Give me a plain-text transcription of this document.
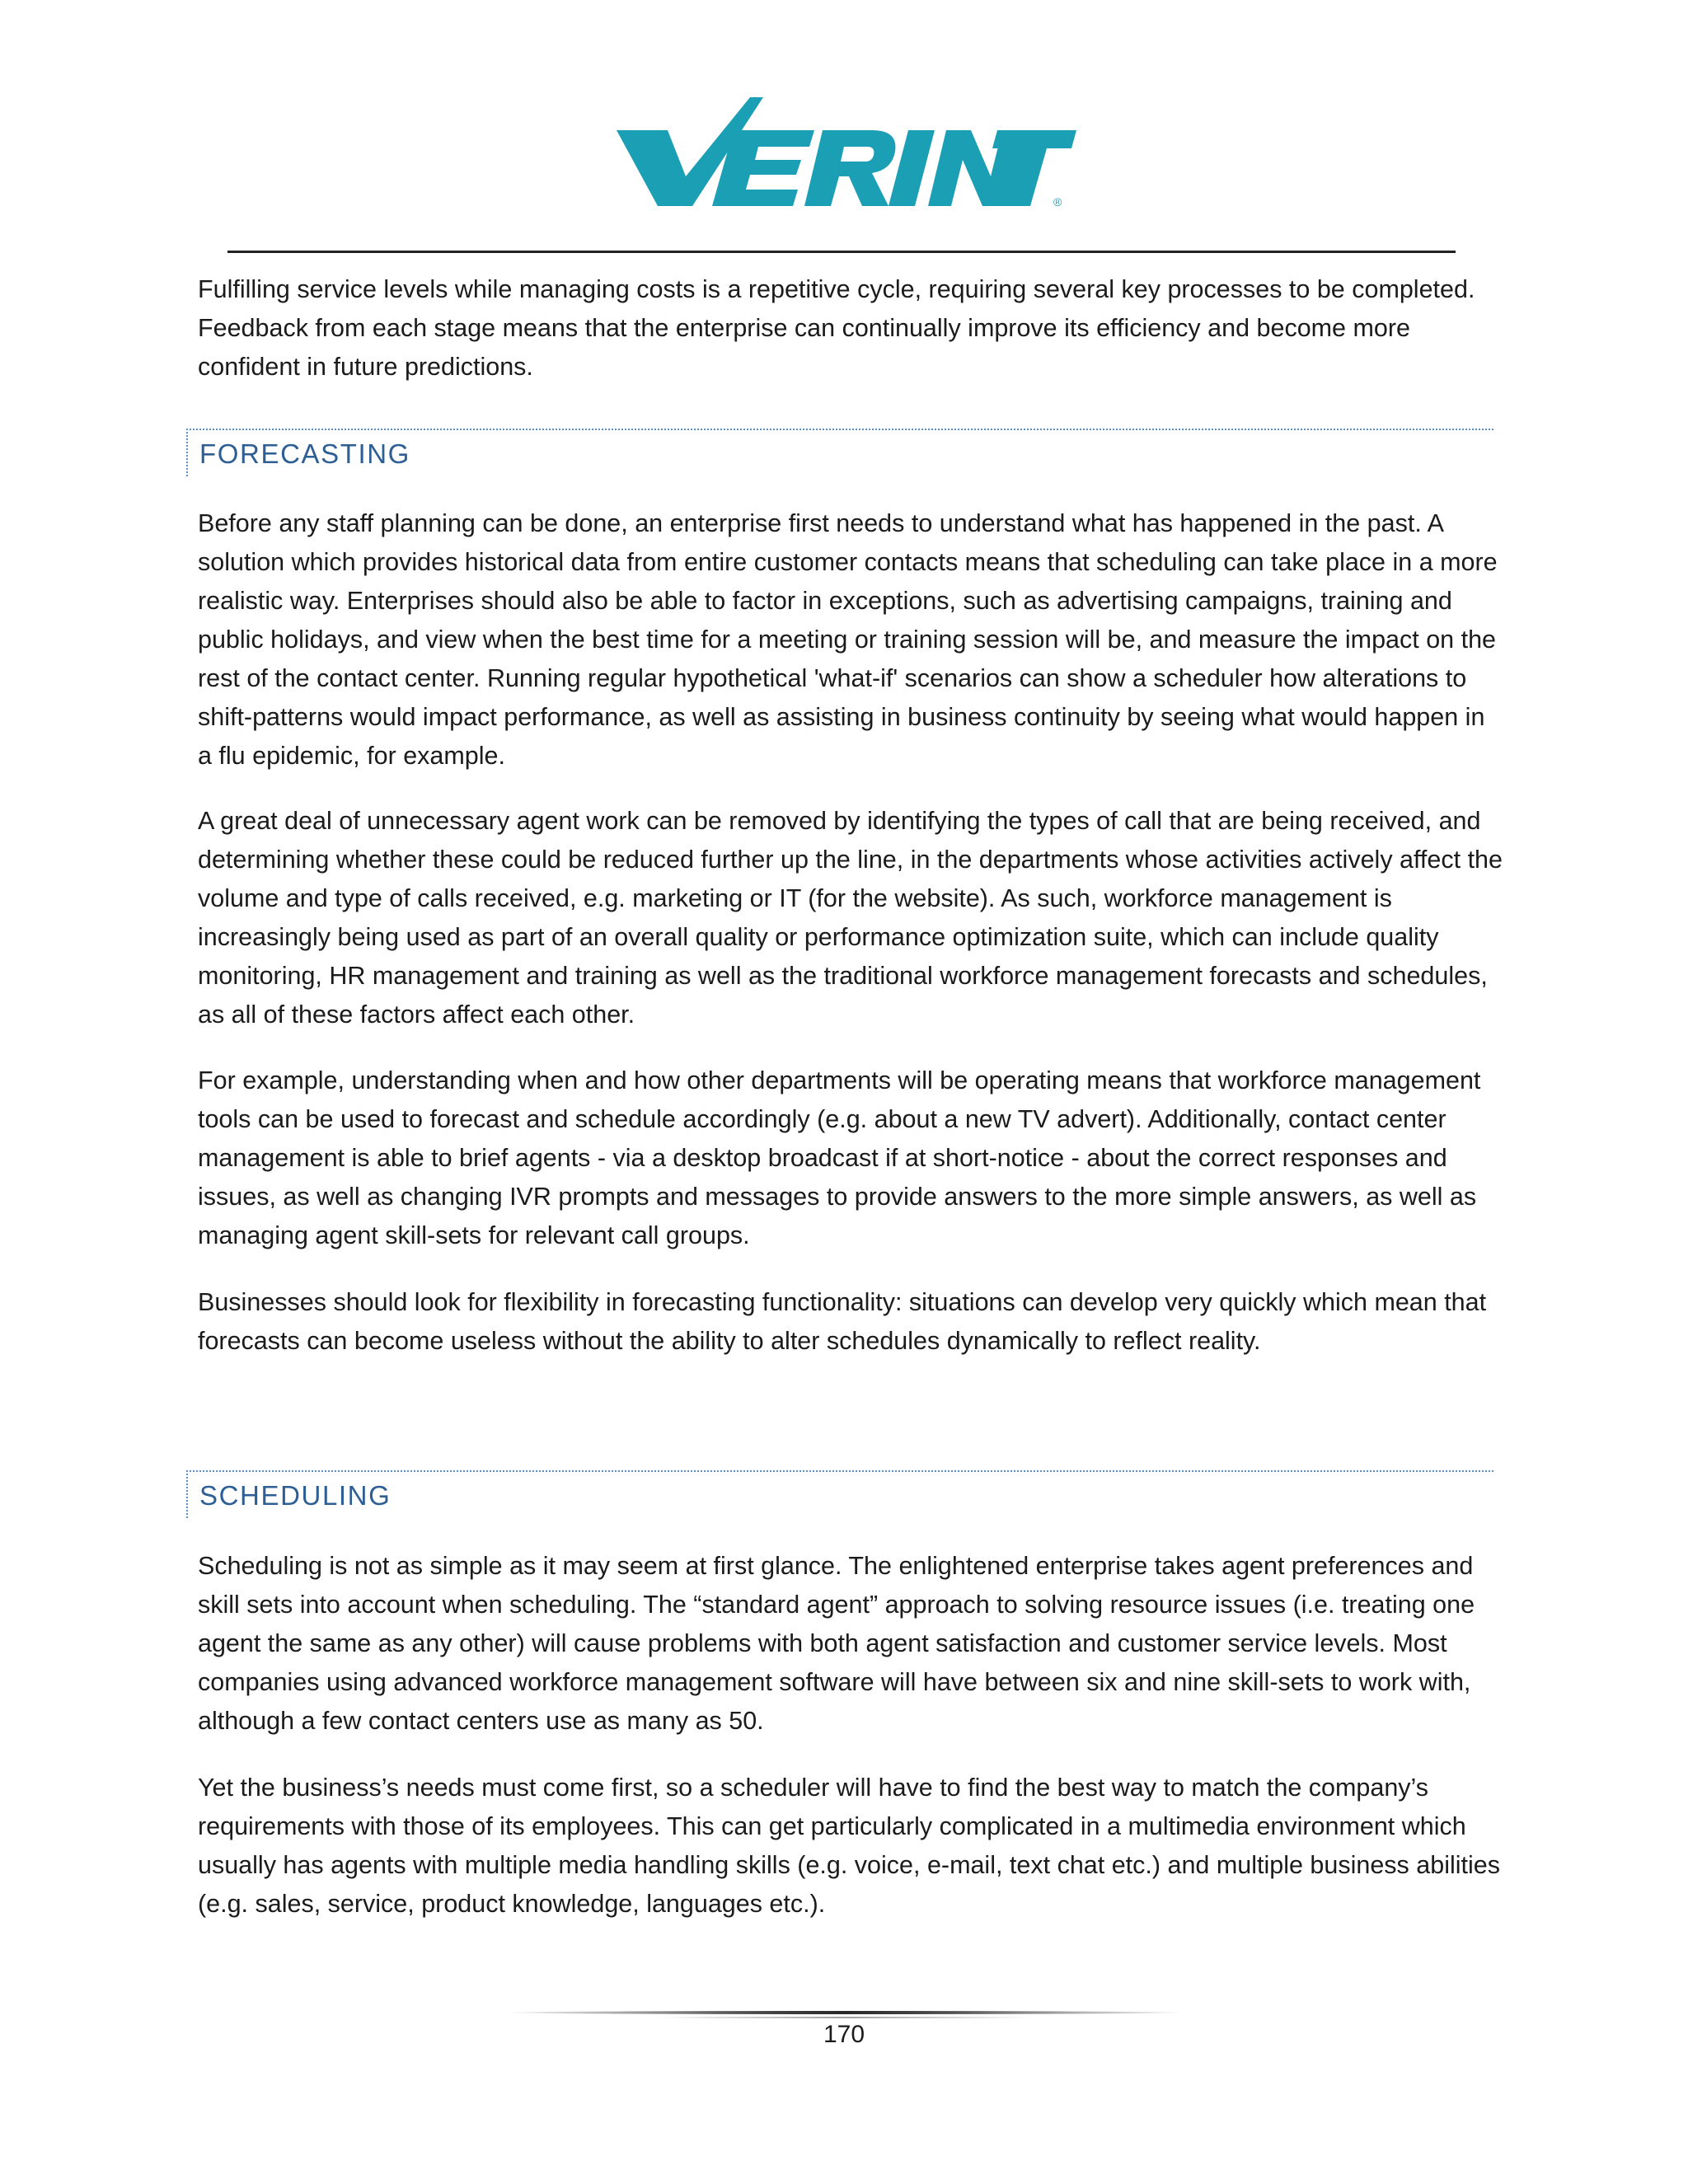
®
VERINT

Fulfilling service levels while managing costs is a repetitive cycle, requiring several key processes to be completed. Feedback from each stage means that the enterprise can continually improve its efficiency and become more confident in future predictions.

FORECASTING

Before any staff planning can be done, an enterprise first needs to understand what has happened in the past. A solution which provides historical data from entire customer contacts means that scheduling can take place in a more realistic way. Enterprises should also be able to factor in exceptions, such as advertising campaigns, training and public holidays, and view when the best time for a meeting or training session will be, and measure the impact on the rest of the contact center. Running regular hypothetical 'what-if' scenarios can show a scheduler how alterations to shift-patterns would impact performance, as well as assisting in business continuity by seeing what would happen in a flu epidemic, for example.

A great deal of unnecessary agent work can be removed by identifying the types of call that are being received, and determining whether these could be reduced further up the line, in the departments whose activities actively affect the volume and type of calls received, e.g. marketing or IT (for the website). As such, workforce management is increasingly being used as part of an overall quality or performance optimization suite, which can include quality monitoring, HR management and training as well as the traditional workforce management forecasts and schedules, as all of these factors affect each other.

For example, understanding when and how other departments will be operating means that workforce management tools can be used to forecast and schedule accordingly (e.g. about a new TV advert). Additionally, contact center management is able to brief agents - via a desktop broadcast if at short-notice - about the correct responses and issues, as well as changing IVR prompts and messages to provide answers to the more simple answers, as well as managing agent skill-sets for relevant call groups.

Businesses should look for flexibility in forecasting functionality: situations can develop very quickly which mean that forecasts can become useless without the ability to alter schedules dynamically to reflect reality.

SCHEDULING

Scheduling is not as simple as it may seem at first glance. The enlightened enterprise takes agent preferences and skill sets into account when scheduling. The “standard agent” approach to solving resource issues (i.e. treating one agent the same as any other) will cause problems with both agent satisfaction and customer service levels. Most companies using advanced workforce management software will have between six and nine skill-sets to work with, although a few contact centers use as many as 50.

Yet the business’s needs must come first, so a scheduler will have to find the best way to match the company’s requirements with those of its employees. This can get particularly complicated in a multimedia environment which usually has agents with multiple media handling skills (e.g. voice, e-mail, text chat etc.) and multiple business abilities (e.g. sales, service, product knowledge, languages etc.).

170
